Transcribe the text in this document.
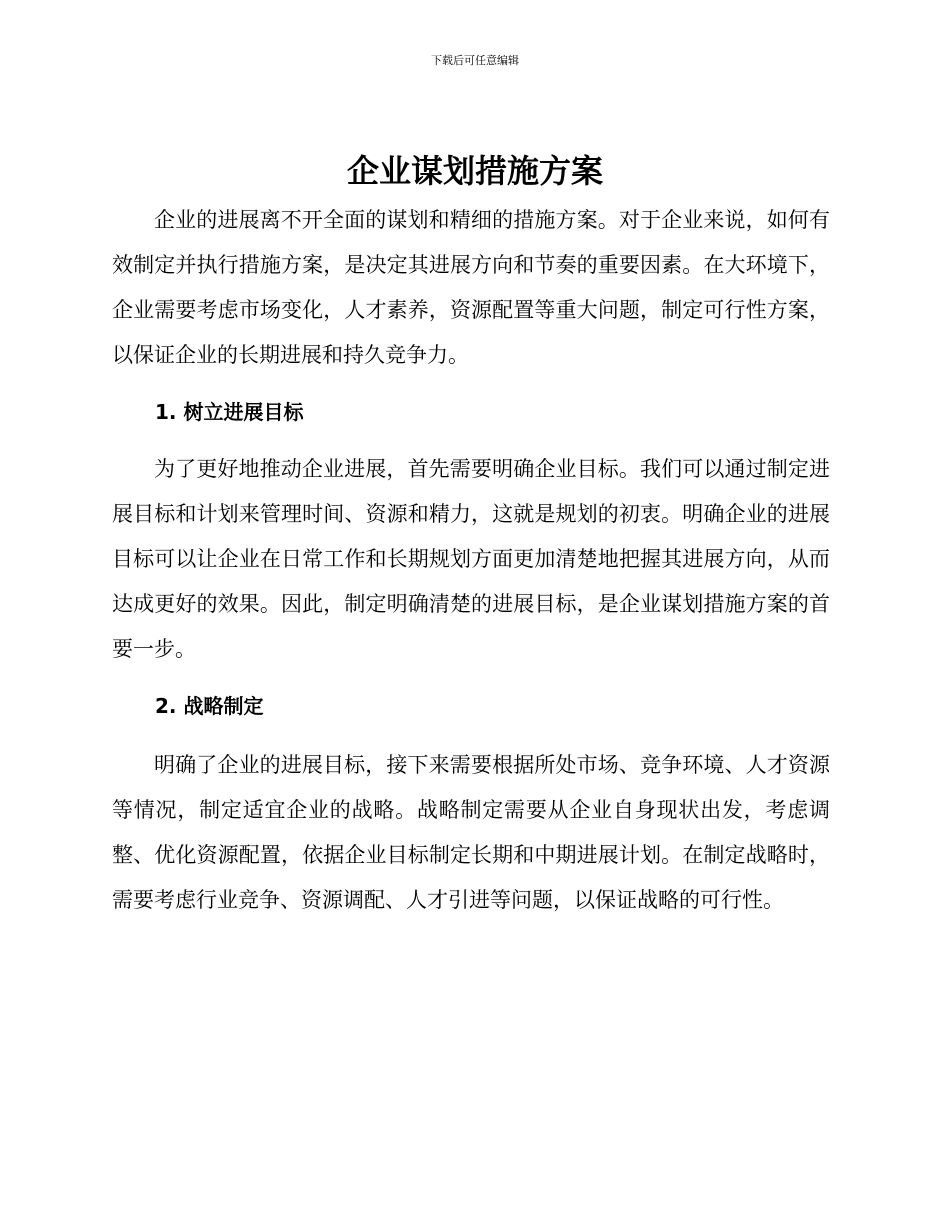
下载后可任意编辑
企业谋划措施方案

企业的进展离不开全面的谋划和精细的措施方案。对于企业来说，如何有效制定并执行措施方案，是决定其进展方向和节奏的重要因素。在大环境下，企业需要考虑市场变化，人才素养，资源配置等重大问题，制定可行性方案，以保证企业的长期进展和持久竞争力。

1. 树立进展目标

为了更好地推动企业进展，首先需要明确企业目标。我们可以通过制定进展目标和计划来管理时间、资源和精力，这就是规划的初衷。明确企业的进展目标可以让企业在日常工作和长期规划方面更加清楚地把握其进展方向，从而达成更好的效果。因此，制定明确清楚的进展目标，是企业谋划措施方案的首要一步。

2. 战略制定

明确了企业的进展目标，接下来需要根据所处市场、竞争环境、人才资源等情况，制定适宜企业的战略。战略制定需要从企业自身现状出发，考虑调整、优化资源配置，依据企业目标制定长期和中期进展计划。在制定战略时，需要考虑行业竞争、资源调配、人才引进等问题，以保证战略的可行性。
